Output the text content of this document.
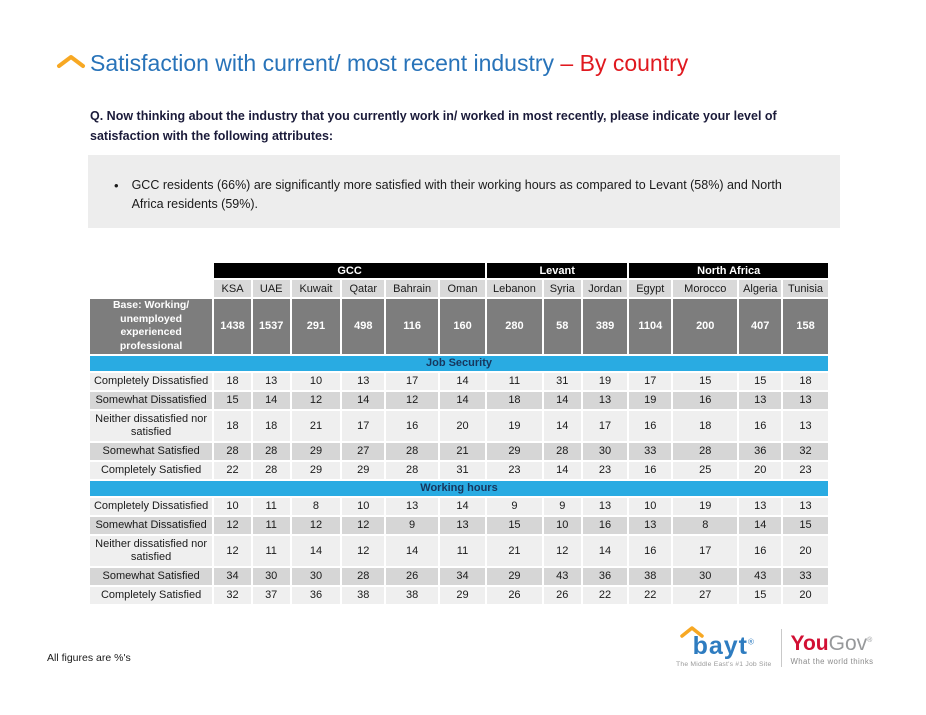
Satisfaction with current/ most recent industry – By country
Q. Now thinking about the industry that you currently work in/ worked in most recently, please indicate your level of satisfaction with the following attributes:
• GCC residents (66%) are significantly more satisfied with their working hours as compared to Levant (58%) and North Africa residents (59%).
	GCC						Levant			North Africa			
	KSA	UAE	Kuwait	Qatar	Bahrain	Oman	Lebanon	Syria	Jordan	Egypt	Morocco	Algeria	Tunisia
Base: Working/ unemployed experienced professional	1438	1537	291	498	116	160	280	58	389	1104	200	407	158
Job Security													
Completely Dissatisfied	18	13	10	13	17	14	11	31	19	17	15	15	18
Somewhat Dissatisfied	15	14	12	14	12	14	18	14	13	19	16	13	13
Neither dissatisfied nor satisfied	18	18	21	17	16	20	19	14	17	16	18	16	13
Somewhat Satisfied	28	28	29	27	28	21	29	28	30	33	28	36	32
Completely Satisfied	22	28	29	29	28	31	23	14	23	16	25	20	23
Working hours													
Completely Dissatisfied	10	11	8	10	13	14	9	9	13	10	19	13	13
Somewhat Dissatisfied	12	11	12	12	9	13	15	10	16	13	8	14	15
Neither dissatisfied nor satisfied	12	11	14	12	14	11	21	12	14	16	17	16	20
Somewhat Satisfied	34	30	30	28	26	34	29	43	36	38	30	43	33
Completely Satisfied	32	37	36	38	38	29	26	26	22	22	27	15	20
All figures are %'s	bayt®
The Middle East's #1 Job Site
YouGov®
What the world thinks
